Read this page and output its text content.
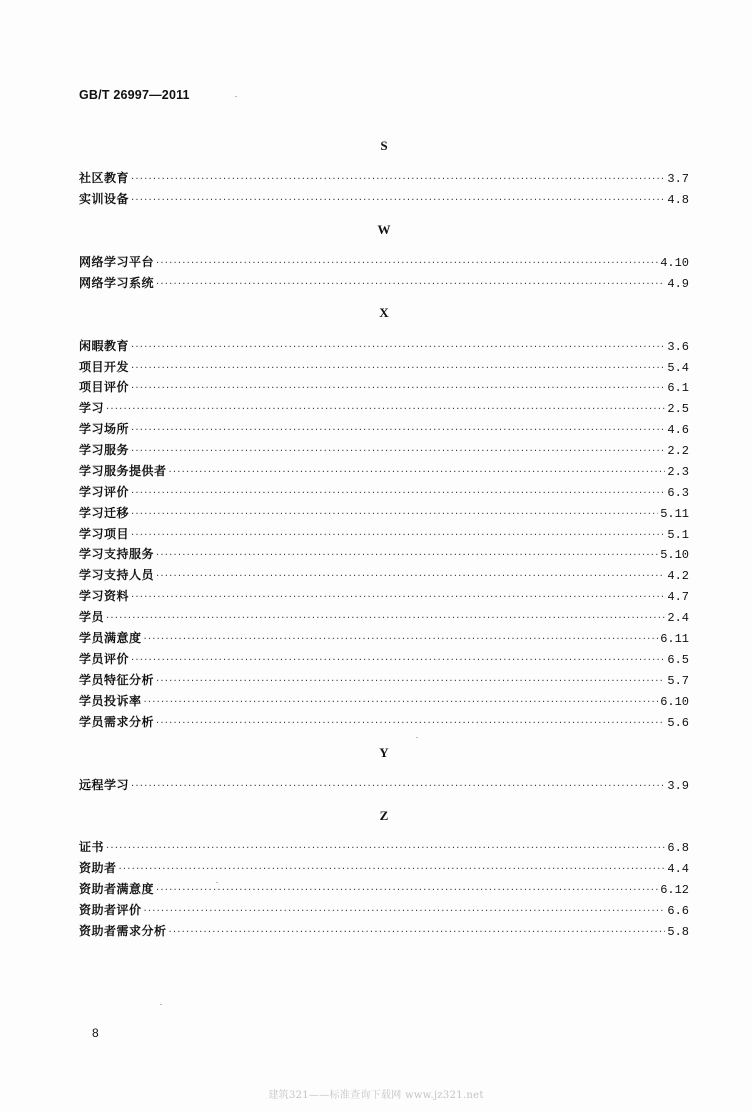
GB/T 26997—2011
S
社区教育 ·····	3.7
实训设备 ·····	4.8
W
网络学习平台 ·····	4.10
网络学习系统 ·····	4.9
X
闲暇教育 ·····	3.6
项目开发 ·····	5.4
项目评价 ·····	6.1
学习 ·····	2.5
学习场所 ·····	4.6
学习服务 ·····	2.2
学习服务提供者 ·····	2.3
学习评价 ·····	6.3
学习迁移 ·····	5.11
学习项目 ·····	5.1
学习支持服务 ·····	5.10
学习支持人员 ·····	4.2
学习资料 ·····	4.7
学员 ·····	2.4
学员满意度 ·····	6.11
学员评价 ·····	6.5
学员特征分析 ·····	5.7
学员投诉率 ·····	6.10
学员需求分析 ·····	5.6
Y
远程学习 ·····	3.9
Z
证书 ·····	6.8
资助者 ·····	4.4
资助者满意度 ·····	6.12
资助者评价 ·····	6.6
资助者需求分析 ·····	5.8
8
建筑321——标准查询下载网 www.jz321.net
